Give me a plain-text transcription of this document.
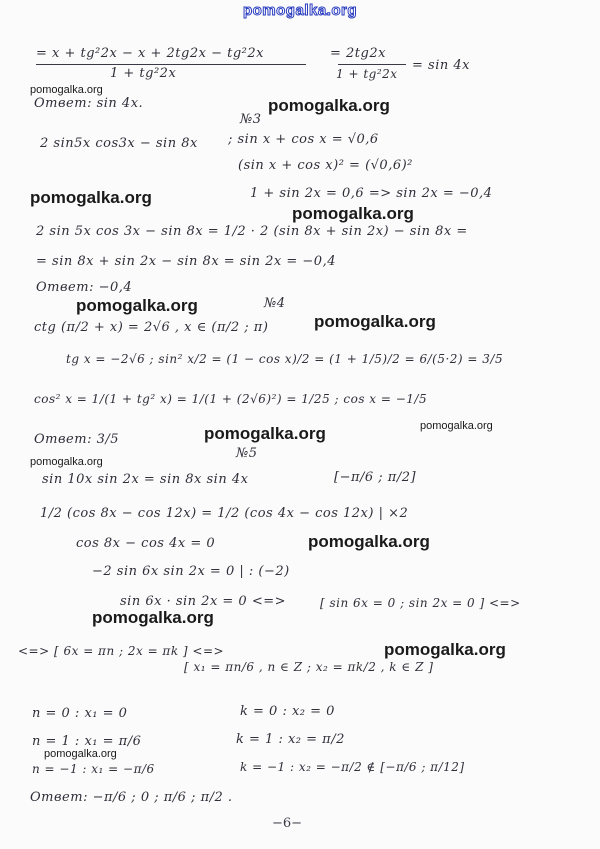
pomogalka.org
= x + tg²2x − x + 2tg2x − tg²2x
1 + tg²2x
= 2tg2x
1 + tg²2x
= sin 4x
Ответ: sin 4x.
№3
2 sin5x cos3x − sin 8x ; sin x + cos x = √0,6
(sin x + cos x)² = (√0,6)²
1 + sin 2x = 0,6 => sin 2x = −0,4
2 sin 5x cos 3x − sin 8x = 1/2 · 2 (sin 8x + sin 2x) − sin 8x =
= sin 8x + sin 2x − sin 8x = sin 2x = −0,4
Ответ: −0,4
№4
ctg (π/2 + x) = 2√6 , x ∈ (π/2 ; π)
tg x = −2√6 ; sin² x/2 = (1 − cos x)/2 = (1 + 1/5)/2 = 6/(5·2) = 3/5
cos² x = 1/(1 + tg² x) = 1/(1 + (2√6)²) = 1/25 ; cos x = −1/5
Ответ: 3/5
№5
sin 10x sin 2x = sin 8x sin 4x	[−π/6 ; π/2]
1/2 (cos 8x − cos 12x) = 1/2 (cos 4x − cos 12x) | ×2
cos 8x − cos 4x = 0
−2 sin 6x sin 2x = 0 | : (−2)
sin 6x · sin 2x = 0 <=>	[ sin 6x = 0 ; sin 2x = 0 ] <=>
<=> [ 6x = πn ; 2x = πk ] <=>
[ x₁ = πn/6 , n ∈ Z ; x₂ = πk/2 , k ∈ Z ]
n = 0 : x₁ = 0	k = 0 : x₂ = 0
n = 1 : x₁ = π/6	k = 1 : x₂ = π/2
n = −1 : x₁ = −π/6	k = −1 : x₂ = −π/2 ∉ [−π/6 ; π/12]
Ответ: −π/6 ; 0 ; π/6 ; π/2 .
−6−
pomogalka.org
pomogalka.org
pomogalka.org
pomogalka.org
pomogalka.org
pomogalka.org
pomogalka.org	pomogalka.org
pomogalka.org
pomogalka.org
pomogalka.org
pomogalka.org
pomogalka.org
